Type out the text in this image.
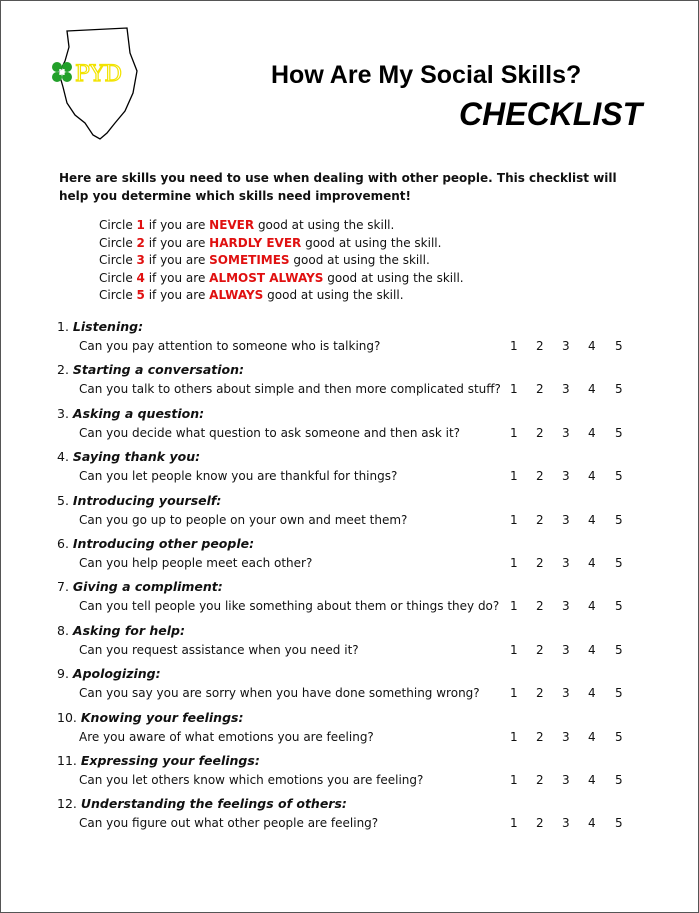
H PYD	How Are My Social Skills?
CHECKLIST
Here are skills you need to use when dealing with other people. This checklist will help you determine which skills need improvement!
Circle 1 if you are NEVER good at using the skill.
Circle 2 if you are HARDLY EVER good at using the skill.
Circle 3 if you are SOMETIMES good at using the skill.
Circle 4 if you are ALMOST ALWAYS good at using the skill.
Circle 5 if you are ALWAYS good at using the skill.
1. Listening:
Can you pay attention to someone who is talking?	1 2 3 4 5
2. Starting a conversation:
Can you talk to others about simple and then more complicated stuff? 1 2 3 4 5
3. Asking a question:
Can you decide what question to ask someone and then ask it?	1 2 3 4 5
4. Saying thank you:
Can you let people know you are thankful for things?	1 2 3 4 5
5. Introducing yourself:
Can you go up to people on your own and meet them?	1 2 3 4 5
6. Introducing other people:
Can you help people meet each other?	1 2 3 4 5
7. Giving a compliment:
Can you tell people you like something about them or things they do? 1 2 3 4 5
8. Asking for help:
Can you request assistance when you need it?	1 2 3 4 5
9. Apologizing:
Can you say you are sorry when you have done something wrong?	1 2 3 4 5
10. Knowing your feelings:
Are you aware of what emotions you are feeling?	1 2 3 4 5
11. Expressing your feelings:
Can you let others know which emotions you are feeling?	1 2 3 4 5
12. Understanding the feelings of others:
Can you figure out what other people are feeling?	1 2 3 4 5
